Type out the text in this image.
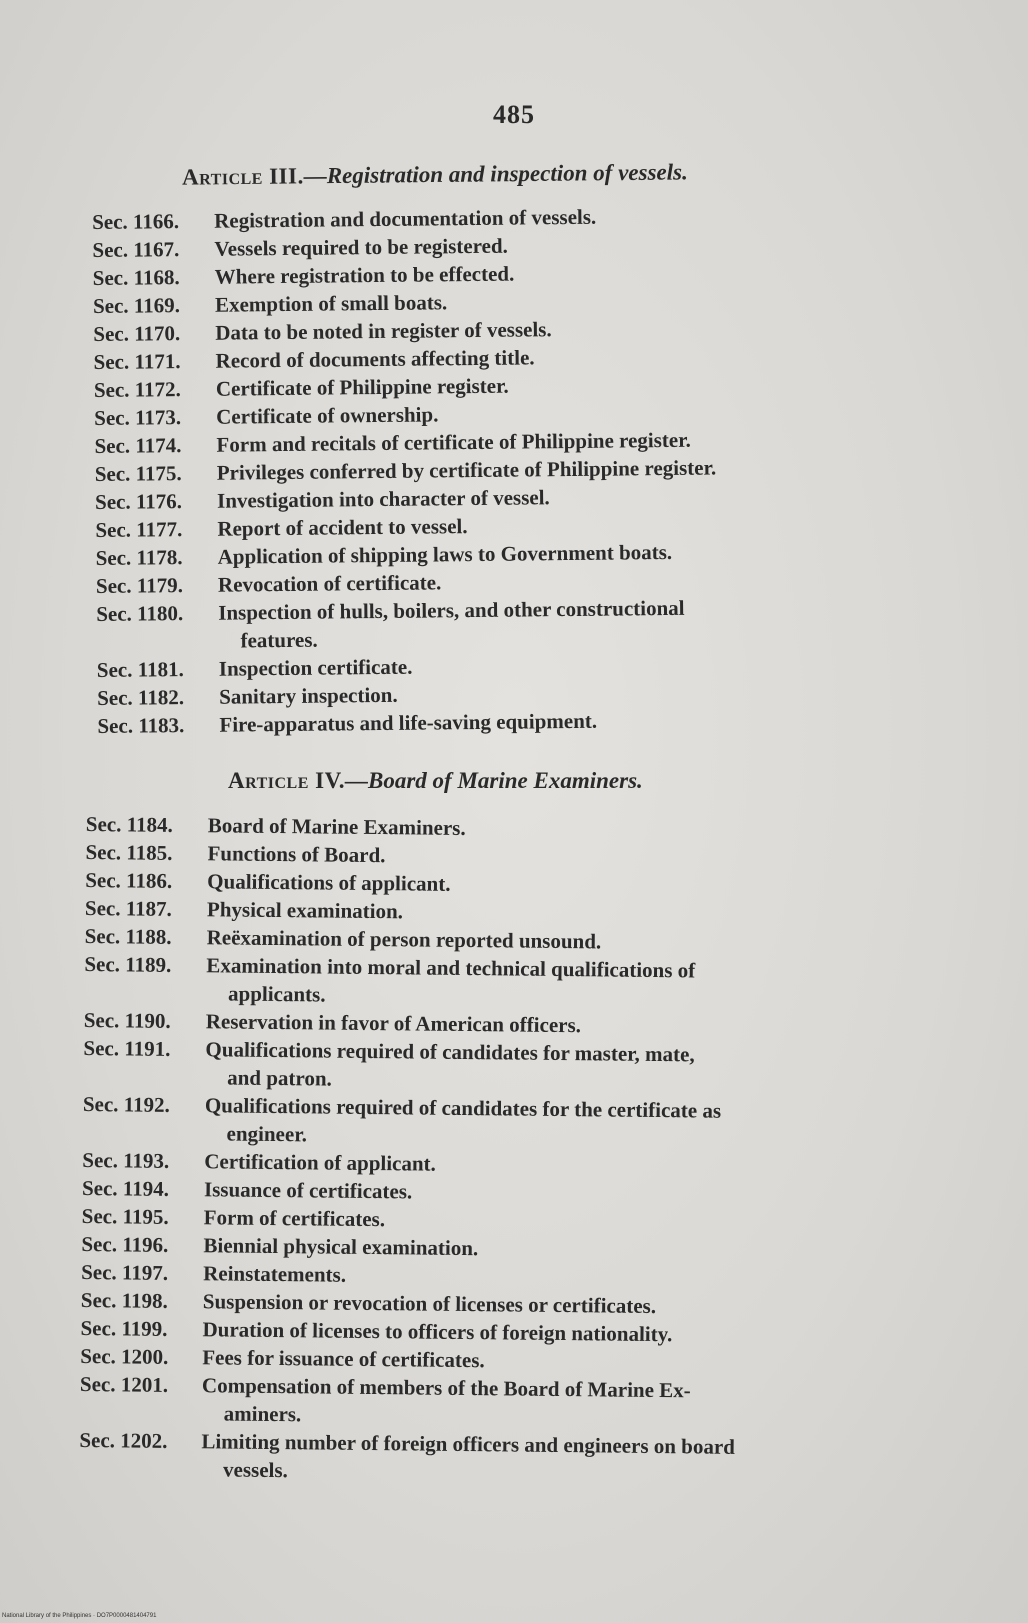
485
Article III.—Registration and inspection of vessels.
Sec. 1166.	Registration and documentation of vessels.
Sec. 1167.	Vessels required to be registered.
Sec. 1168.	Where registration to be effected.
Sec. 1169.	Exemption of small boats.
Sec. 1170.	Data to be noted in register of vessels.
Sec. 1171.	Record of documents affecting title.
Sec. 1172.	Certificate of Philippine register.
Sec. 1173.	Certificate of ownership.
Sec. 1174.	Form and recitals of certificate of Philippine register.
Sec. 1175.	Privileges conferred by certificate of Philippine register.
Sec. 1176.	Investigation into character of vessel.
Sec. 1177.	Report of accident to vessel.
Sec. 1178.	Application of shipping laws to Government boats.
Sec. 1179.	Revocation of certificate.
Sec. 1180.	Inspection of hulls, boilers, and other constructional
features.
Sec. 1181.	Inspection certificate.
Sec. 1182.	Sanitary inspection.
Sec. 1183.	Fire-apparatus and life-saving equipment.
Article IV.—Board of Marine Examiners.
Sec. 1184.	Board of Marine Examiners.
Sec. 1185.	Functions of Board.
Sec. 1186.	Qualifications of applicant.
Sec. 1187.	Physical examination.
Sec. 1188.	Reëxamination of person reported unsound.
Sec. 1189.	Examination into moral and technical qualifications of
applicants.
Sec. 1190.	Reservation in favor of American officers.
Sec. 1191.	Qualifications required of candidates for master, mate,
and patron.
Sec. 1192.	Qualifications required of candidates for the certificate as
engineer.
Sec. 1193.	Certification of applicant.
Sec. 1194.	Issuance of certificates.
Sec. 1195.	Form of certificates.
Sec. 1196.	Biennial physical examination.
Sec. 1197.	Reinstatements.
Sec. 1198.	Suspension or revocation of licenses or certificates.
Sec. 1199.	Duration of licenses to officers of foreign nationality.
Sec. 1200.	Fees for issuance of certificates.
Sec. 1201.	Compensation of members of the Board of Marine Ex-
aminers.
Sec. 1202.	Limiting number of foreign officers and engineers on board
vessels.
National Library of the Philippines · DO7P0000481404791
